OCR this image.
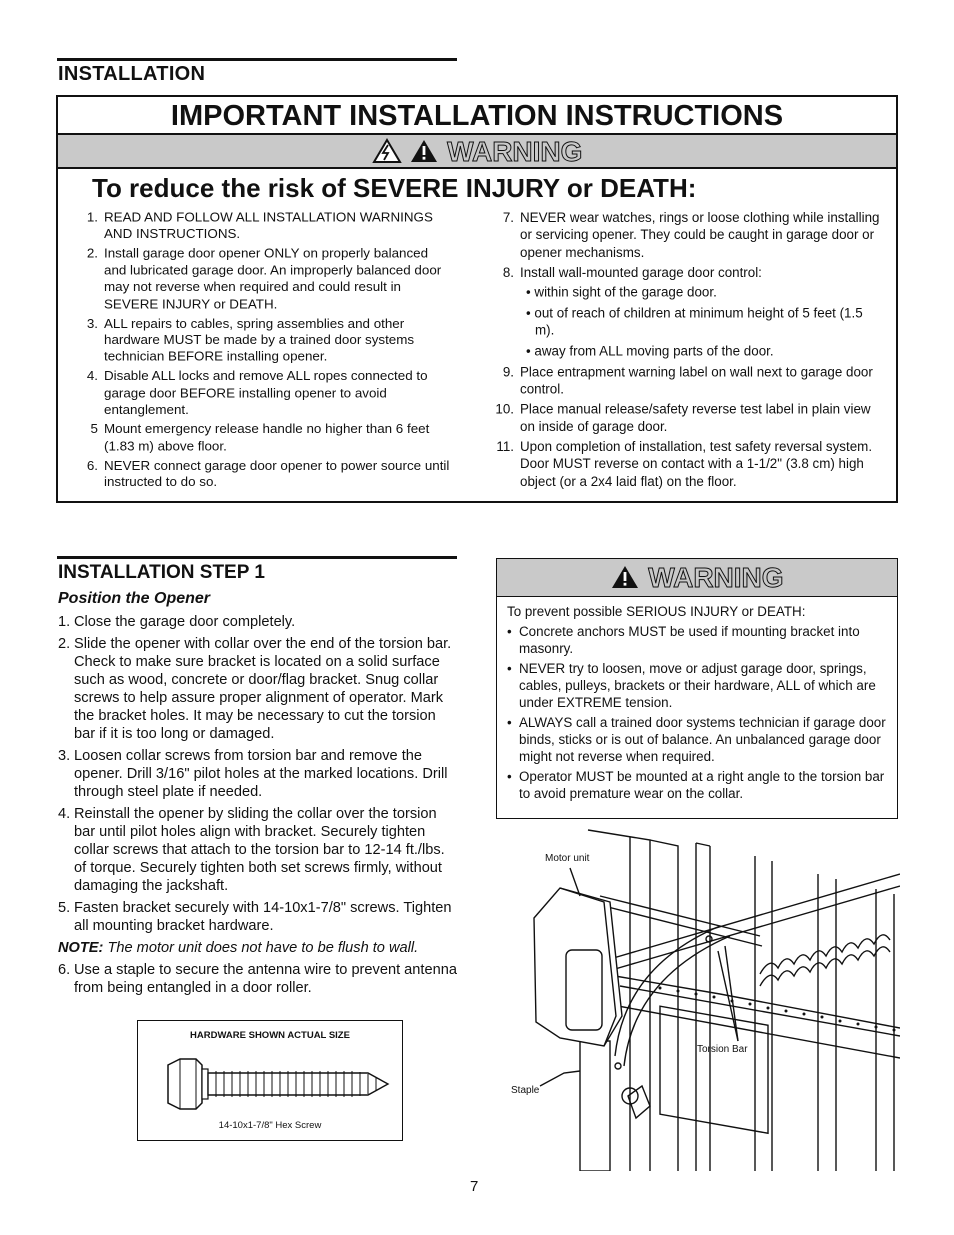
INSTALLATION
IMPORTANT INSTALLATION INSTRUCTIONS
WARNING
To reduce the risk of SEVERE INJURY or DEATH:
1. READ AND FOLLOW ALL INSTALLATION WARNINGS AND INSTRUCTIONS.
2. Install garage door opener ONLY on properly balanced and lubricated garage door. An improperly balanced door may not reverse when required and could result in SEVERE INJURY or DEATH.
3. ALL repairs to cables, spring assemblies and other hardware MUST be made by a trained door systems technician BEFORE installing opener.
4. Disable ALL locks and remove ALL ropes connected to garage door BEFORE installing opener to avoid entanglement.
5 Mount emergency release handle no higher than 6 feet (1.83 m) above floor.
6. NEVER connect garage door opener to power source until instructed to do so.
7. NEVER wear watches, rings or loose clothing while installing or servicing opener. They could be caught in garage door or opener mechanisms.
8. Install wall-mounted garage door control:
• within sight of the garage door.
• out of reach of children at minimum height of 5 feet (1.5 m).
• away from ALL moving parts of the door.
9. Place entrapment warning label on wall next to garage door control.
10. Place manual release/safety reverse test label in plain view on inside of garage door.
11. Upon completion of installation, test safety reversal system. Door MUST reverse on contact with a 1-1/2" (3.8 cm) high object (or a 2x4 laid flat) on the floor.
INSTALLATION STEP 1
Position the Opener
1. Close the garage door completely.
2. Slide the opener with collar over the end of the torsion bar. Check to make sure bracket is located on a solid surface such as wood, concrete or door/flag bracket. Snug collar screws to help assure proper alignment of operator. Mark the bracket holes. It may be necessary to cut the torsion bar if it is too long or damaged.
3. Loosen collar screws from torsion bar and remove the opener. Drill 3/16" pilot holes at the marked locations. Drill through steel plate if needed.
4. Reinstall the opener by sliding the collar over the torsion bar until pilot holes align with bracket. Securely tighten collar screws that attach to the torsion bar to 12-14 ft./lbs. of torque. Securely tighten both set screws firmly, without damaging the jackshaft.
5. Fasten bracket securely with 14-10x1-7/8" screws. Tighten all mounting bracket hardware.
NOTE: The motor unit does not have to be flush to wall.
6. Use a staple to secure the antenna wire to prevent antenna from being entangled in a door roller.
WARNING
To prevent possible SERIOUS INJURY or DEATH:
• Concrete anchors MUST be used if mounting bracket into masonry.
• NEVER try to loosen, move or adjust garage door, springs, cables, pulleys, brackets or their hardware, ALL of which are under EXTREME tension.
• ALWAYS call a trained door systems technician if garage door binds, sticks or is out of balance. An unbalanced garage door might not reverse when required.
• Operator MUST be mounted at a right angle to the torsion bar to avoid premature wear on the collar.
HARDWARE SHOWN ACTUAL SIZE
14-10x1-7/8" Hex Screw
Motor unit
Torsion Bar
Staple
7
